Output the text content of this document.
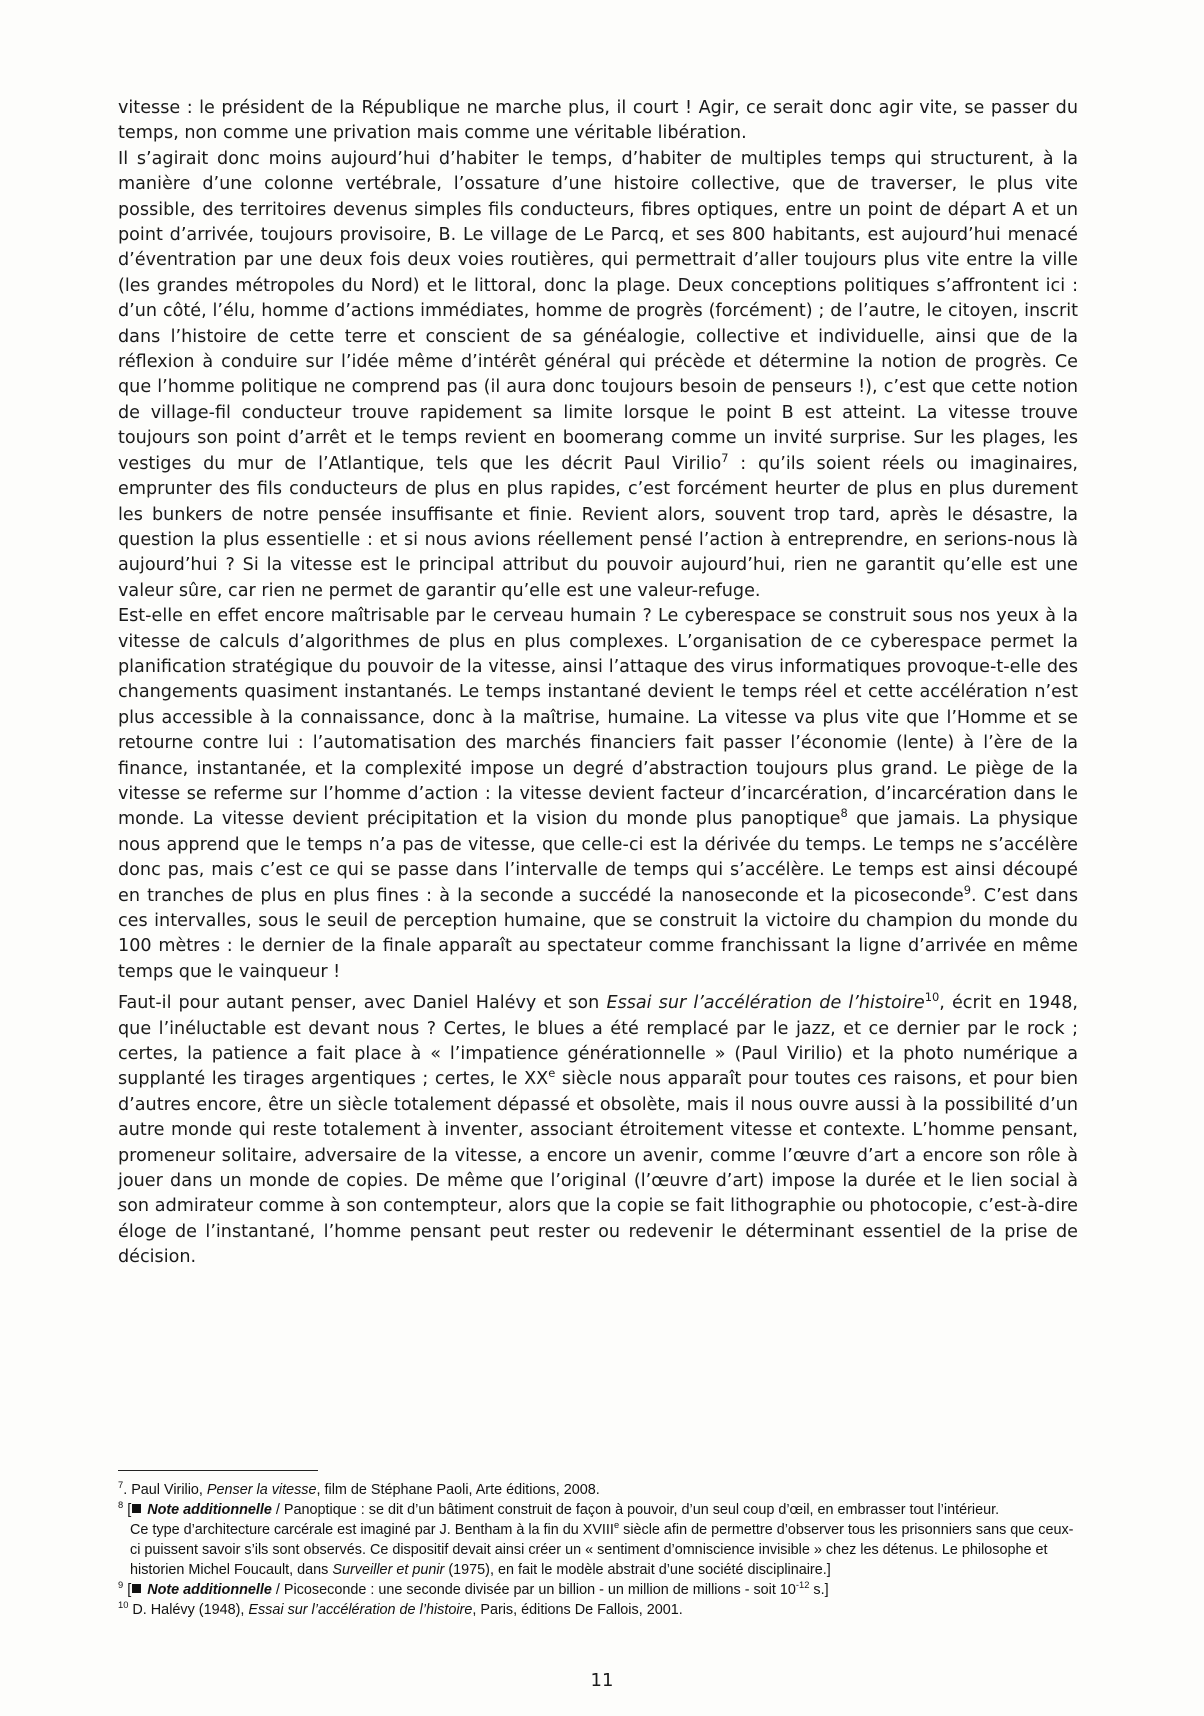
vitesse : le président de la République ne marche plus, il court ! Agir, ce serait donc agir vite, se passer du temps, non comme une privation mais comme une véritable libération.

Il s’agirait donc moins aujourd’hui d’habiter le temps, d’habiter de multiples temps qui structurent, à la manière d’une colonne vertébrale, l’ossature d’une histoire collective, que de traverser, le plus vite possible, des territoires devenus simples fils conducteurs, fibres optiques, entre un point de départ A et un point d’arrivée, toujours provisoire, B. Le village de Le Parcq, et ses 800 habitants, est aujourd’hui menacé d’éventration par une deux fois deux voies routières, qui permettrait d’aller toujours plus vite entre la ville (les grandes métropoles du Nord) et le littoral, donc la plage. Deux conceptions politiques s’affrontent ici : d’un côté, l’élu, homme d’actions immédiates, homme de progrès (forcément) ; de l’autre, le citoyen, inscrit dans l’histoire de cette terre et conscient de sa généalogie, collective et individuelle, ainsi que de la réflexion à conduire sur l’idée même d’intérêt général qui précède et détermine la notion de progrès. Ce que l’homme politique ne comprend pas (il aura donc toujours besoin de penseurs !), c’est que cette notion de village-fil conducteur trouve rapidement sa limite lorsque le point B est atteint. La vitesse trouve toujours son point d’arrêt et le temps revient en boomerang comme un invité surprise. Sur les plages, les vestiges du mur de l’Atlantique, tels que les décrit Paul Virilio$^7$ : qu’ils soient réels ou imaginaires, emprunter des fils conducteurs de plus en plus rapides, c’est forcément heurter de plus en plus durement les bunkers de notre pensée insuffisante et finie. Revient alors, souvent trop tard, après le désastre, la question la plus essentielle : et si nous avions réellement pensé l’action à entreprendre, en serions-nous là aujourd’hui ? Si la vitesse est le principal attribut du pouvoir aujourd’hui, rien ne garantit qu’elle est une valeur sûre, car rien ne permet de garantir qu’elle est une valeur-refuge.

Est-elle en effet encore maîtrisable par le cerveau humain ? Le cyberespace se construit sous nos yeux à la vitesse de calculs d’algorithmes de plus en plus complexes. L’organisation de ce cyberespace permet la planification stratégique du pouvoir de la vitesse, ainsi l’attaque des virus informatiques provoque-t-elle des changements quasiment instantanés. Le temps instantané devient le temps réel et cette accélération n’est plus accessible à la connaissance, donc à la maîtrise, humaine. La vitesse va plus vite que l’Homme et se retourne contre lui : l’automatisation des marchés financiers fait passer l’économie (lente) à l’ère de la finance, instantanée, et la complexité impose un degré d’abstraction toujours plus grand. Le piège de la vitesse se referme sur l’homme d’action : la vitesse devient facteur d’incarcération, d’incarcération dans le monde. La vitesse devient précipitation et la vision du monde plus panoptique$^8$ que jamais. La physique nous apprend que le temps n’a pas de vitesse, que celle-ci est la dérivée du temps. Le temps ne s’accélère donc pas, mais c’est ce qui se passe dans l’intervalle de temps qui s’accélère. Le temps est ainsi découpé en tranches de plus en plus fines : à la seconde a succédé la nanoseconde et la picoseconde$^9$. C’est dans ces intervalles, sous le seuil de perception humaine, que se construit la victoire du champion du monde du 100 mètres : le dernier de la finale apparaît au spectateur comme franchissant la ligne d’arrivée en même temps que le vainqueur !

Faut-il pour autant penser, avec Daniel Halévy et son Essai sur l’accélération de l’histoire$^{10}$, écrit en 1948, que l’inéluctable est devant nous ? Certes, le blues a été remplacé par le jazz, et ce dernier par le rock ; certes, la patience a fait place à « l’impatience générationnelle » (Paul Virilio) et la photo numérique a supplanté les tirages argentiques ; certes, le XXe siècle nous apparaît pour toutes ces raisons, et pour bien d’autres encore, être un siècle totalement dépassé et obsolète, mais il nous ouvre aussi à la possibilité d’un autre monde qui reste totalement à inventer, associant étroitement vitesse et contexte. L’homme pensant, promeneur solitaire, adversaire de la vitesse, a encore un avenir, comme l’œuvre d’art a encore son rôle à jouer dans un monde de copies. De même que l’original (l’œuvre d’art) impose la durée et le lien social à son admirateur comme à son contempteur, alors que la copie se fait lithographie ou photocopie, c’est-à-dire éloge de l’instantané, l’homme pensant peut rester ou redevenir le déterminant essentiel de la prise de décision.

$^7$. Paul Virilio, Penser la vitesse, film de Stéphane Paoli, Arte éditions, 2008.

$^8$ [ Note additionnelle / Panoptique : se dit d’un bâtiment construit de façon à pouvoir, d’un seul coup d’œil, en embrasser tout l’intérieur.

Ce type d’architecture carcérale est imaginé par J. Bentham à la fin du XVIIIe siècle afin de permettre d’observer tous les prisonniers sans que ceux-ci puissent savoir s’ils sont observés. Ce dispositif devait ainsi créer un « sentiment d’omniscience invisible » chez les détenus. Le philosophe et historien Michel Foucault, dans Surveiller et punir (1975), en fait le modèle abstrait d’une société disciplinaire.]

$^9$ [ Note additionnelle / Picoseconde : une seconde divisée par un billion - un million de millions - soit $10^{-12}$ s.]

$^{10}$ D. Halévy (1948), Essai sur l’accélération de l’histoire, Paris, éditions De Fallois, 2001.

11
